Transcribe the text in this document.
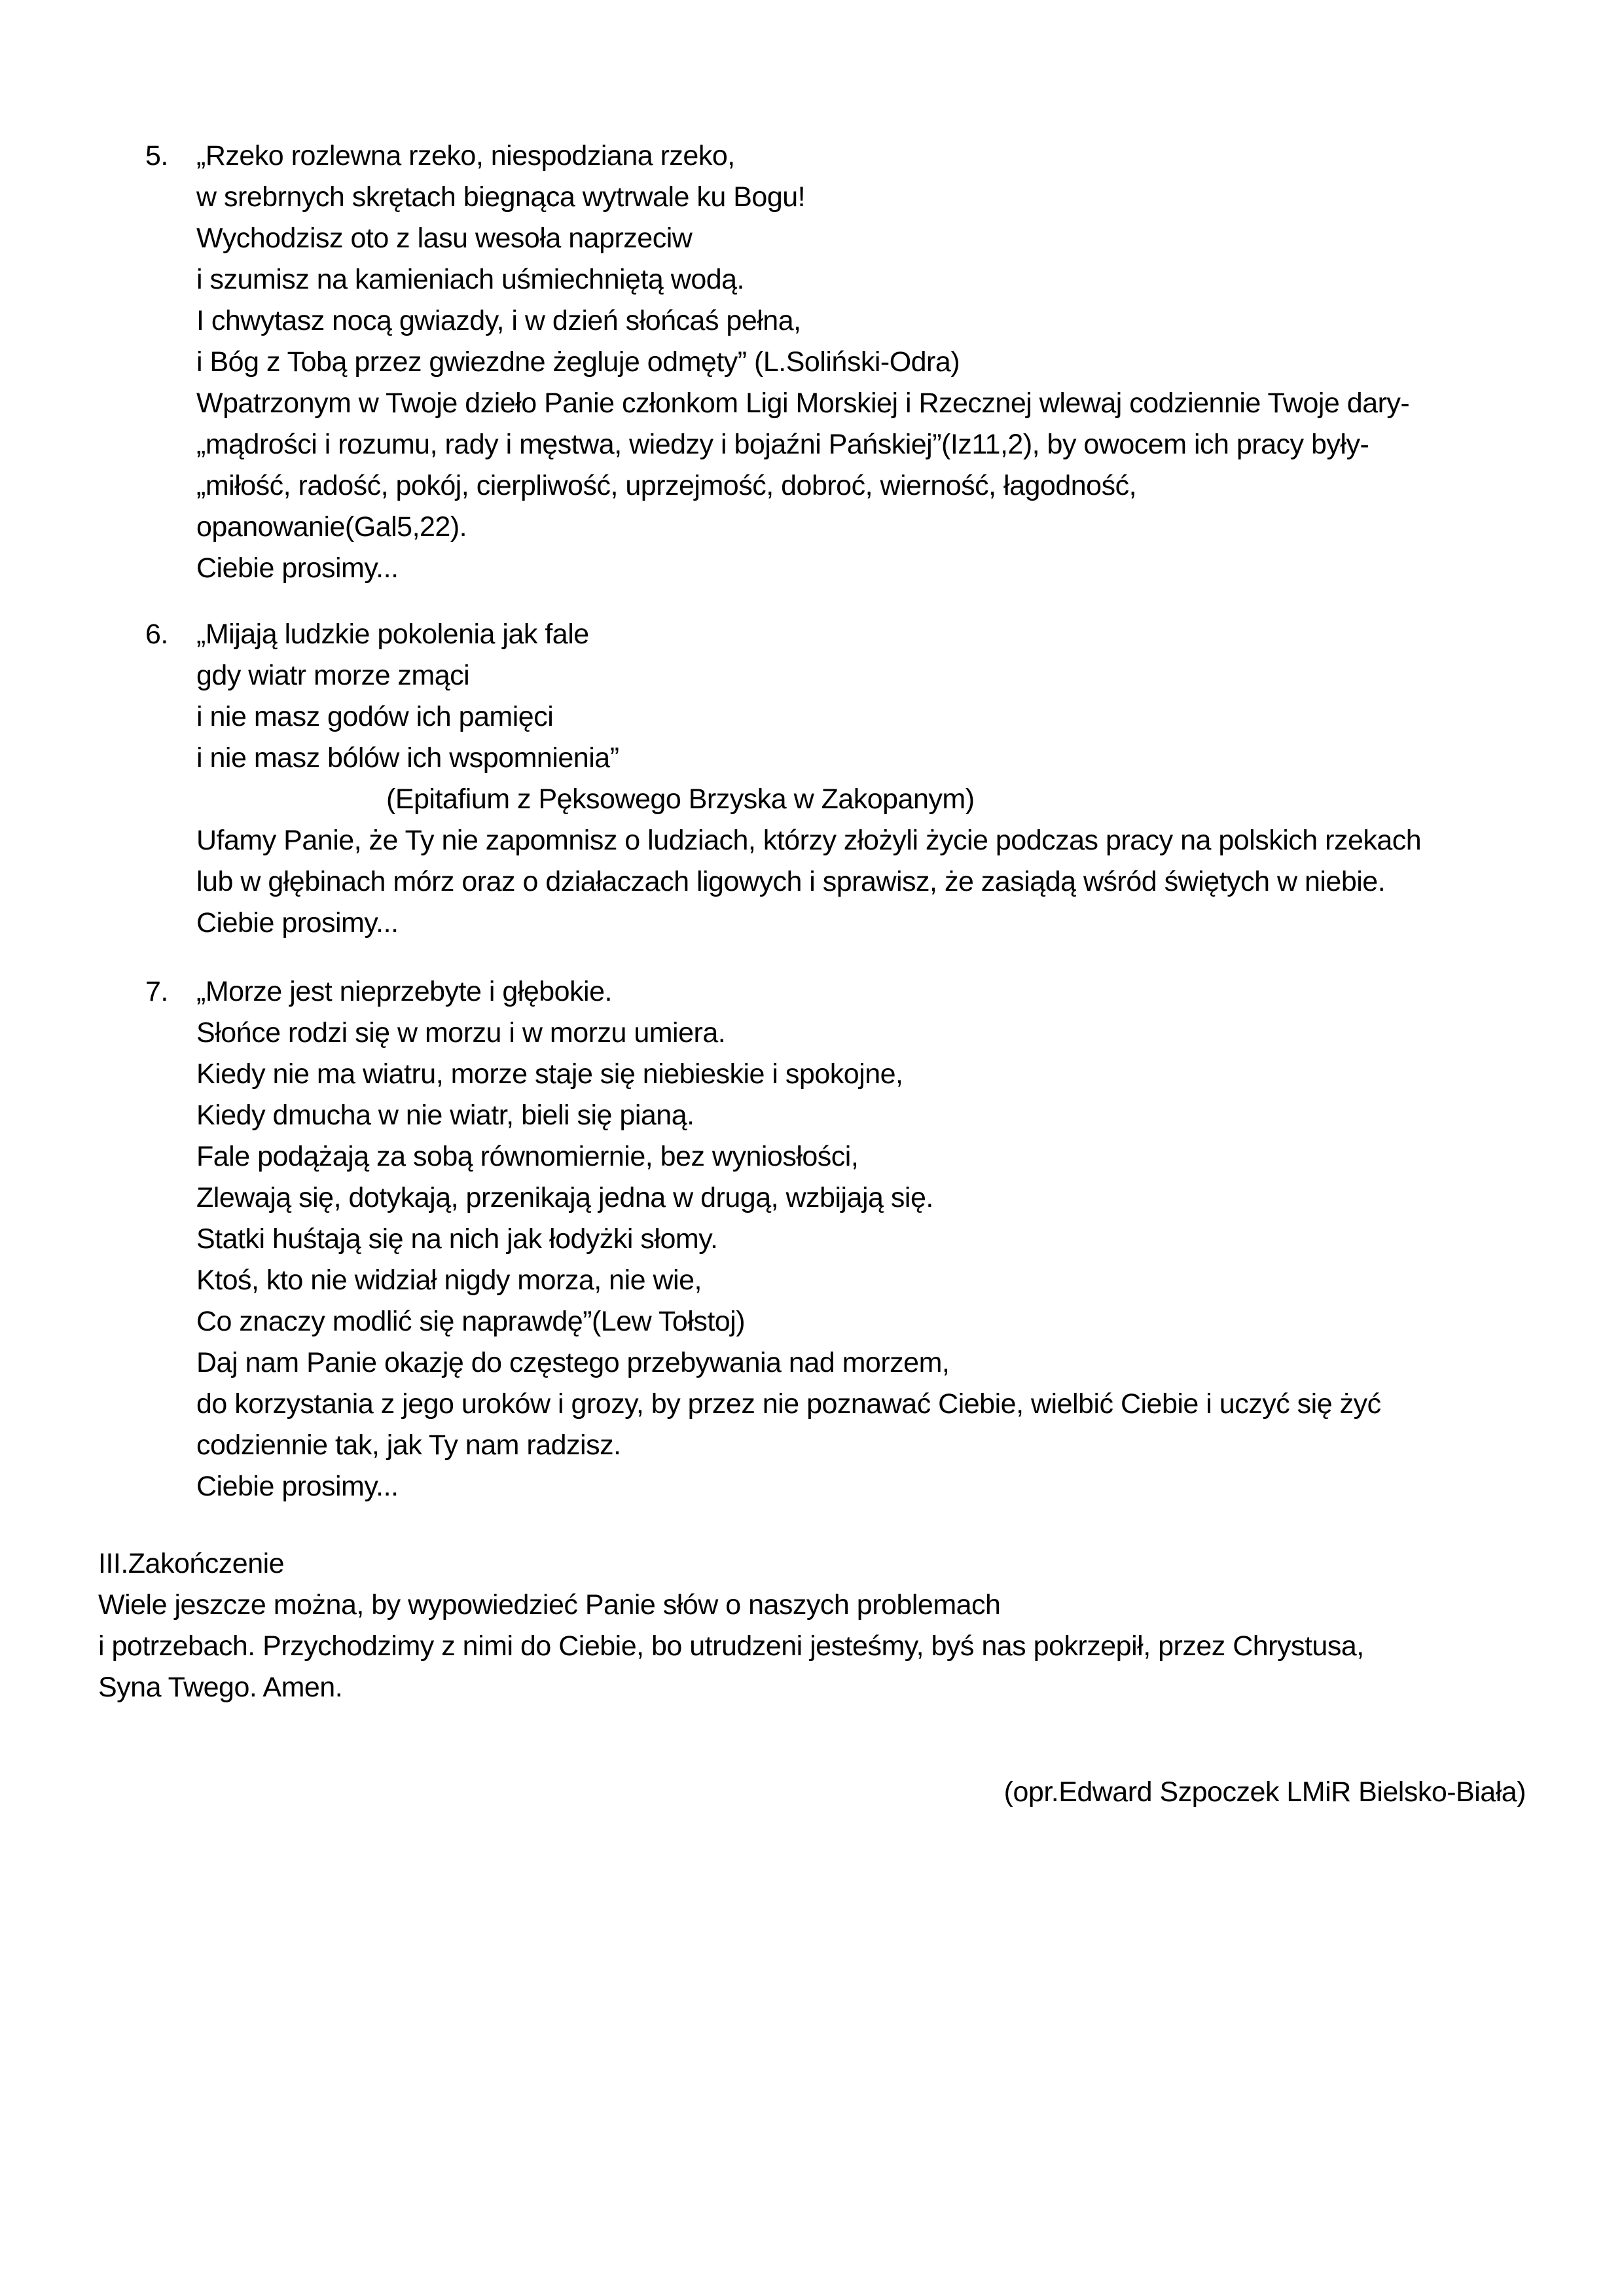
5. „Rzeko rozlewna rzeko, niespodziana rzeko,
w srebrnych skrętach biegnąca wytrwale ku Bogu!
Wychodzisz oto z lasu wesoła naprzeciw
i szumisz na kamieniach uśmiechniętą wodą.
I chwytasz nocą gwiazdy, i w dzień słońcaś pełna,
i Bóg z Tobą przez gwiezdne żegluje odmęty” (L.Soliński-Odra)
Wpatrzonym w Twoje dzieło Panie członkom Ligi Morskiej i Rzecznej wlewaj codziennie Twoje dary-
„mądrości i rozumu, rady i męstwa, wiedzy i bojaźni Pańskiej”(Iz11,2), by owocem ich pracy były-
„miłość, radość, pokój, cierpliwość, uprzejmość, dobroć, wierność, łagodność,
opanowanie(Gal5,22).
Ciebie prosimy...
6. „Mijają ludzkie pokolenia jak fale
gdy wiatr morze zmąci
i nie masz godów ich pamięci
i nie masz bólów ich wspomnienia”
(Epitafium z Pęksowego Brzyska w Zakopanym)
Ufamy Panie, że Ty nie zapomnisz o ludziach, którzy złożyli życie podczas pracy na polskich rzekach
lub w głębinach mórz oraz o działaczach ligowych i sprawisz, że zasiądą wśród świętych w niebie.
Ciebie prosimy...
7. „Morze jest nieprzebyte i głębokie.
Słońce rodzi się w morzu i w morzu umiera.
Kiedy nie ma wiatru, morze staje się niebieskie i spokojne,
Kiedy dmucha w nie wiatr, bieli się pianą.
Fale podążają za sobą równomiernie, bez wyniosłości,
Zlewają się, dotykają, przenikają jedna w drugą, wzbijają się.
Statki huśtają się na nich jak łodyżki słomy.
Ktoś, kto nie widział nigdy morza, nie wie,
Co znaczy modlić się naprawdę”(Lew Tołstoj)
Daj nam Panie okazję do częstego przebywania nad morzem,
do korzystania z jego uroków i grozy, by przez nie poznawać Ciebie, wielbić Ciebie i uczyć się żyć
codziennie tak, jak Ty nam radzisz.
Ciebie prosimy...
III.Zakończenie
Wiele jeszcze można, by wypowiedzieć Panie słów o naszych problemach
i potrzebach. Przychodzimy z nimi do Ciebie, bo utrudzeni jesteśmy, byś nas pokrzepił, przez Chrystusa,
Syna Twego. Amen.
(opr.Edward Szpoczek LMiR Bielsko-Biała)
